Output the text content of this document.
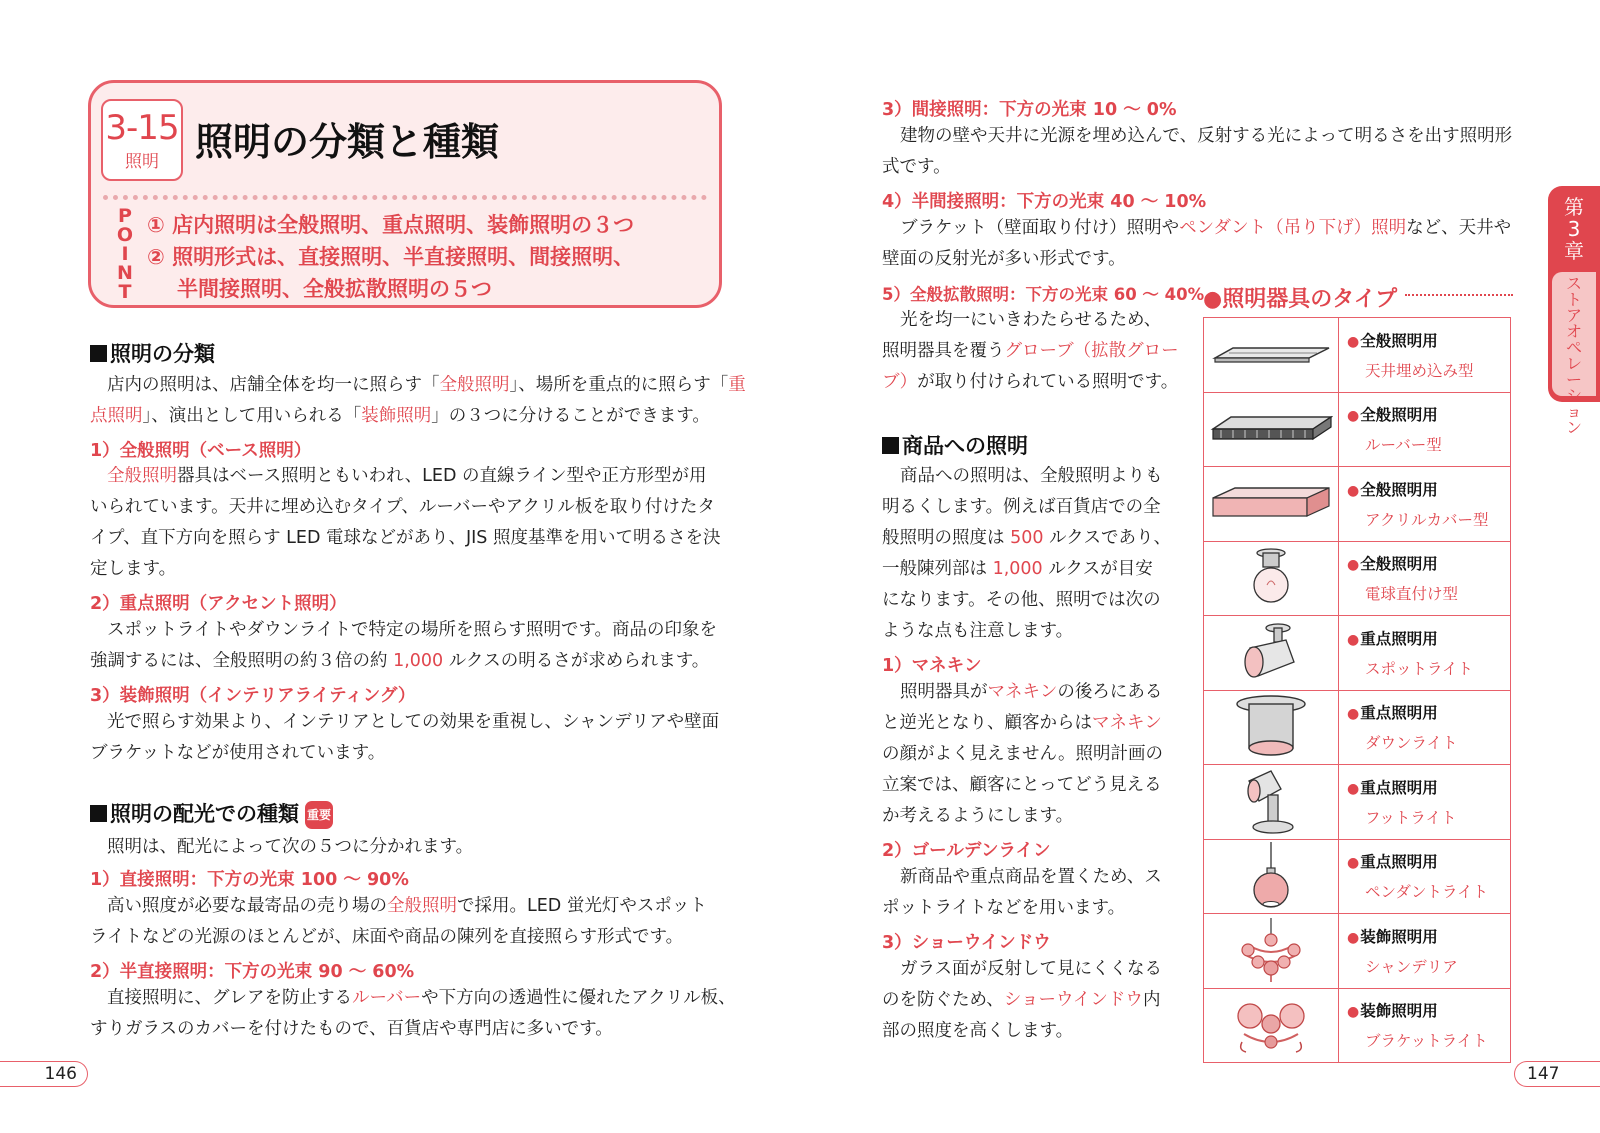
3-15
照明 照明の分類と種類
P
O
I
N
T
① 店内照明は全般照明、重点照明、装飾照明の３つ
② 照明形式は、直接照明、半直接照明、間接照明、
半間接照明、全般拡散照明の５つ
照明の分類
店内の照明は、店舗全体を均一に照らす「全般照明」、場所を重点的に照らす「重
点照明」、演出として用いられる「装飾照明」の３つに分けることができます。
1）全般照明（ベース照明）
全般照明器具はベース照明ともいわれ、LED の直線ライン型や正方形型が用
いられています。天井に埋め込むタイプ、ルーバーやアクリル板を取り付けたタ
イプ、直下方向を照らす LED 電球などがあり、JIS 照度基準を用いて明るさを決
定します。
2）重点照明（アクセント照明）
スポットライトやダウンライトで特定の場所を照らす照明です。商品の印象を
強調するには、全般照明の約３倍の約 1,000 ルクスの明るさが求められます。
3）装飾照明（インテリアライティング）
光で照らす効果より、インテリアとしての効果を重視し、シャンデリアや壁面
ブラケットなどが使用されています。
照明の配光での種類 重要
照明は、配光によって次の５つに分かれます。
1）直接照明：下方の光束 100 ～ 90%
高い照度が必要な最寄品の売り場の全般照明で採用。LED 蛍光灯やスポット
ライトなどの光源のほとんどが、床面や商品の陳列を直接照らす形式です。
2）半直接照明：下方の光束 90 ～ 60%
直接照明に、グレアを防止するルーバーや下方向の透過性に優れたアクリル板、
すりガラスのカバーを付けたもので、百貨店や専門店に多いです。
3）間接照明：下方の光束 10 ～ 0%
建物の壁や天井に光源を埋め込んで、反射する光によって明るさを出す照明形
式です。
4）半間接照明：下方の光束 40 ～ 10%
ブラケット（壁面取り付け）照明やペンダント（吊り下げ）照明など、天井や
壁面の反射光が多い形式です。
5）全般拡散照明：下方の光束 60 ～ 40%
光を均一にいきわたらせるため、
照明器具を覆うグローブ（拡散グロー
ブ）が取り付けられている照明です。
商品への照明
商品への照明は、全般照明よりも
明るくします。例えば百貨店での全
般照明の照度は 500 ルクスであり、
一般陳列部は 1,000 ルクスが目安
になります。その他、照明では次の
ような点も注意します。
1）マネキン
照明器具がマネキンの後ろにある
と逆光となり、顧客からはマネキン
の顔がよく見えません。照明計画の
立案では、顧客にとってどう見える
か考えるようにします。
2）ゴールデンライン
新商品や重点商品を置くため、ス
ポットライトなどを用います。
3）ショーウインドウ
ガラス面が反射して見にくくなる
のを防ぐため、ショーウインドウ内
部の照度を高くします。
●照明器具のタイプ

● 全般照明用
天井埋め込み型

● 全般照明用
ルーバー型

● 全般照明用
アクリルカバー型

● 全般照明用
電球直付け型

● 重点照明用
スポットライト

● 重点照明用
ダウンライト

● 重点照明用
フットライト

● 重点照明用
ペンダントライト

● 装飾照明用
シャンデリア

● 装飾照明用
ブラケットライト
第
3
章
ス
ト
ア
オ
ペ
レ
ー
シ
ョ
ン
146	147
